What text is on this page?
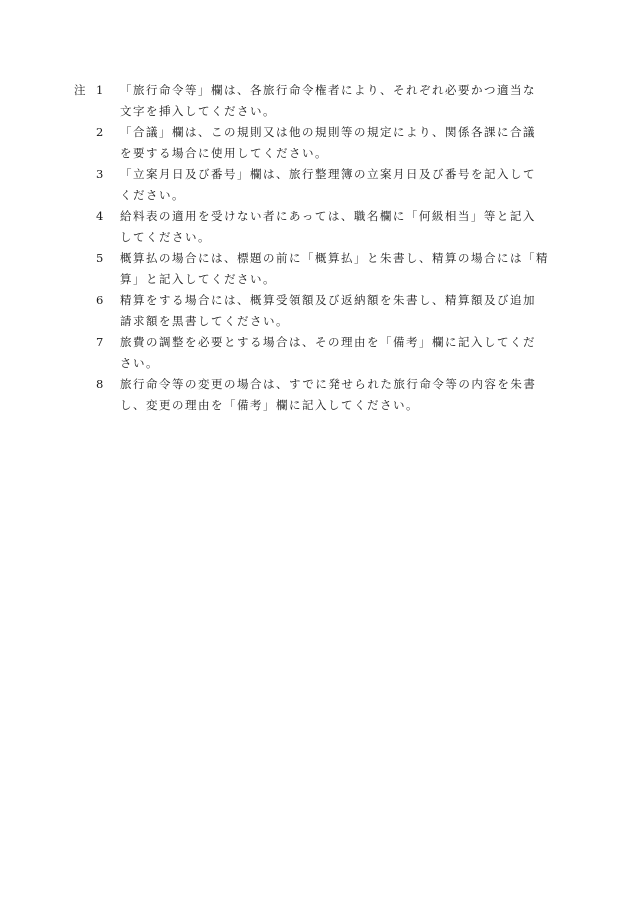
注 1	「旅行命令等」欄は、各旅行命令権者により、それぞれ必要かつ適当な
文字を挿入してください。
2	「合議」欄は、この規則又は他の規則等の規定により、関係各課に合議
を要する場合に使用してください。
3	「立案月日及び番号」欄は、旅行整理簿の立案月日及び番号を記入して
ください。
4	給料表の適用を受けない者にあっては、職名欄に「何級相当」等と記入
してください。
5	概算払の場合には、標題の前に「概算払」と朱書し、精算の場合には「精
算」と記入してください。
6	精算をする場合には、概算受領額及び返納額を朱書し、精算額及び追加
請求額を黒書してください。
7	旅費の調整を必要とする場合は、その理由を「備考」欄に記入してくだ
さい。
8	旅行命令等の変更の場合は、すでに発せられた旅行命令等の内容を朱書
し、変更の理由を「備考」欄に記入してください。
